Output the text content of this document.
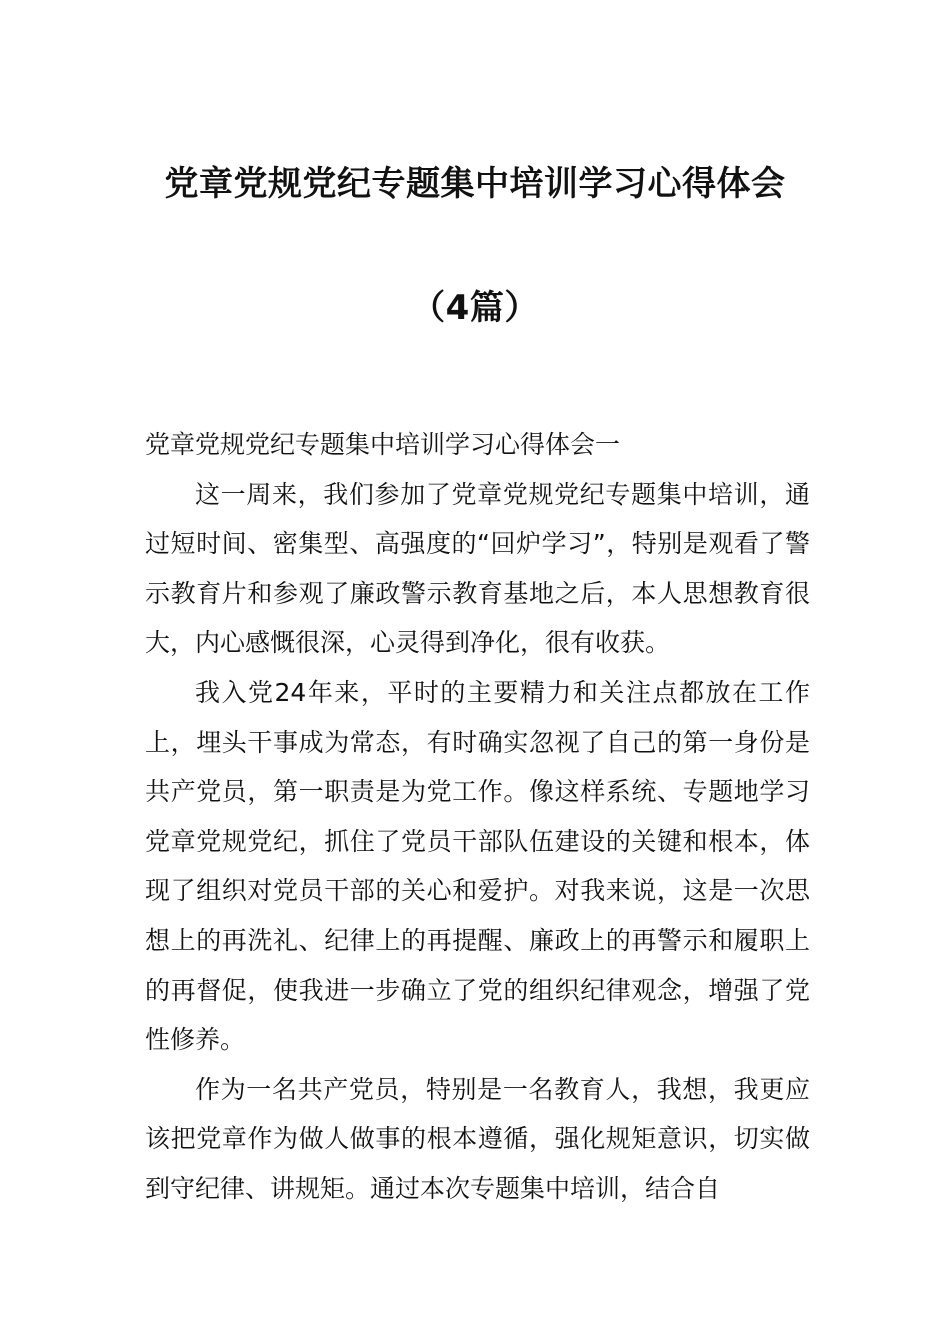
党章党规党纪专题集中培训学习心得体会
（4篇）

党章党规党纪专题集中培训学习心得体会一

这一周来，我们参加了党章党规党纪专题集中培训，通过短时间、密集型、高强度的“回炉学习”，特别是观看了警示教育片和参观了廉政警示教育基地之后，本人思想教育很大，内心感慨很深，心灵得到净化，很有收获。

我入党24年来，平时的主要精力和关注点都放在工作上，埋头干事成为常态，有时确实忽视了自己的第一身份是共产党员，第一职责是为党工作。像这样系统、专题地学习党章党规党纪，抓住了党员干部队伍建设的关键和根本，体现了组织对党员干部的关心和爱护。对我来说，这是一次思想上的再洗礼、纪律上的再提醒、廉政上的再警示和履职上的再督促，使我进一步确立了党的组织纪律观念，增强了党性修养。

作为一名共产党员，特别是一名教育人，我想，我更应该把党章作为做人做事的根本遵循，强化规矩意识，切实做到守纪律、讲规矩。通过本次专题集中培训，结合自
